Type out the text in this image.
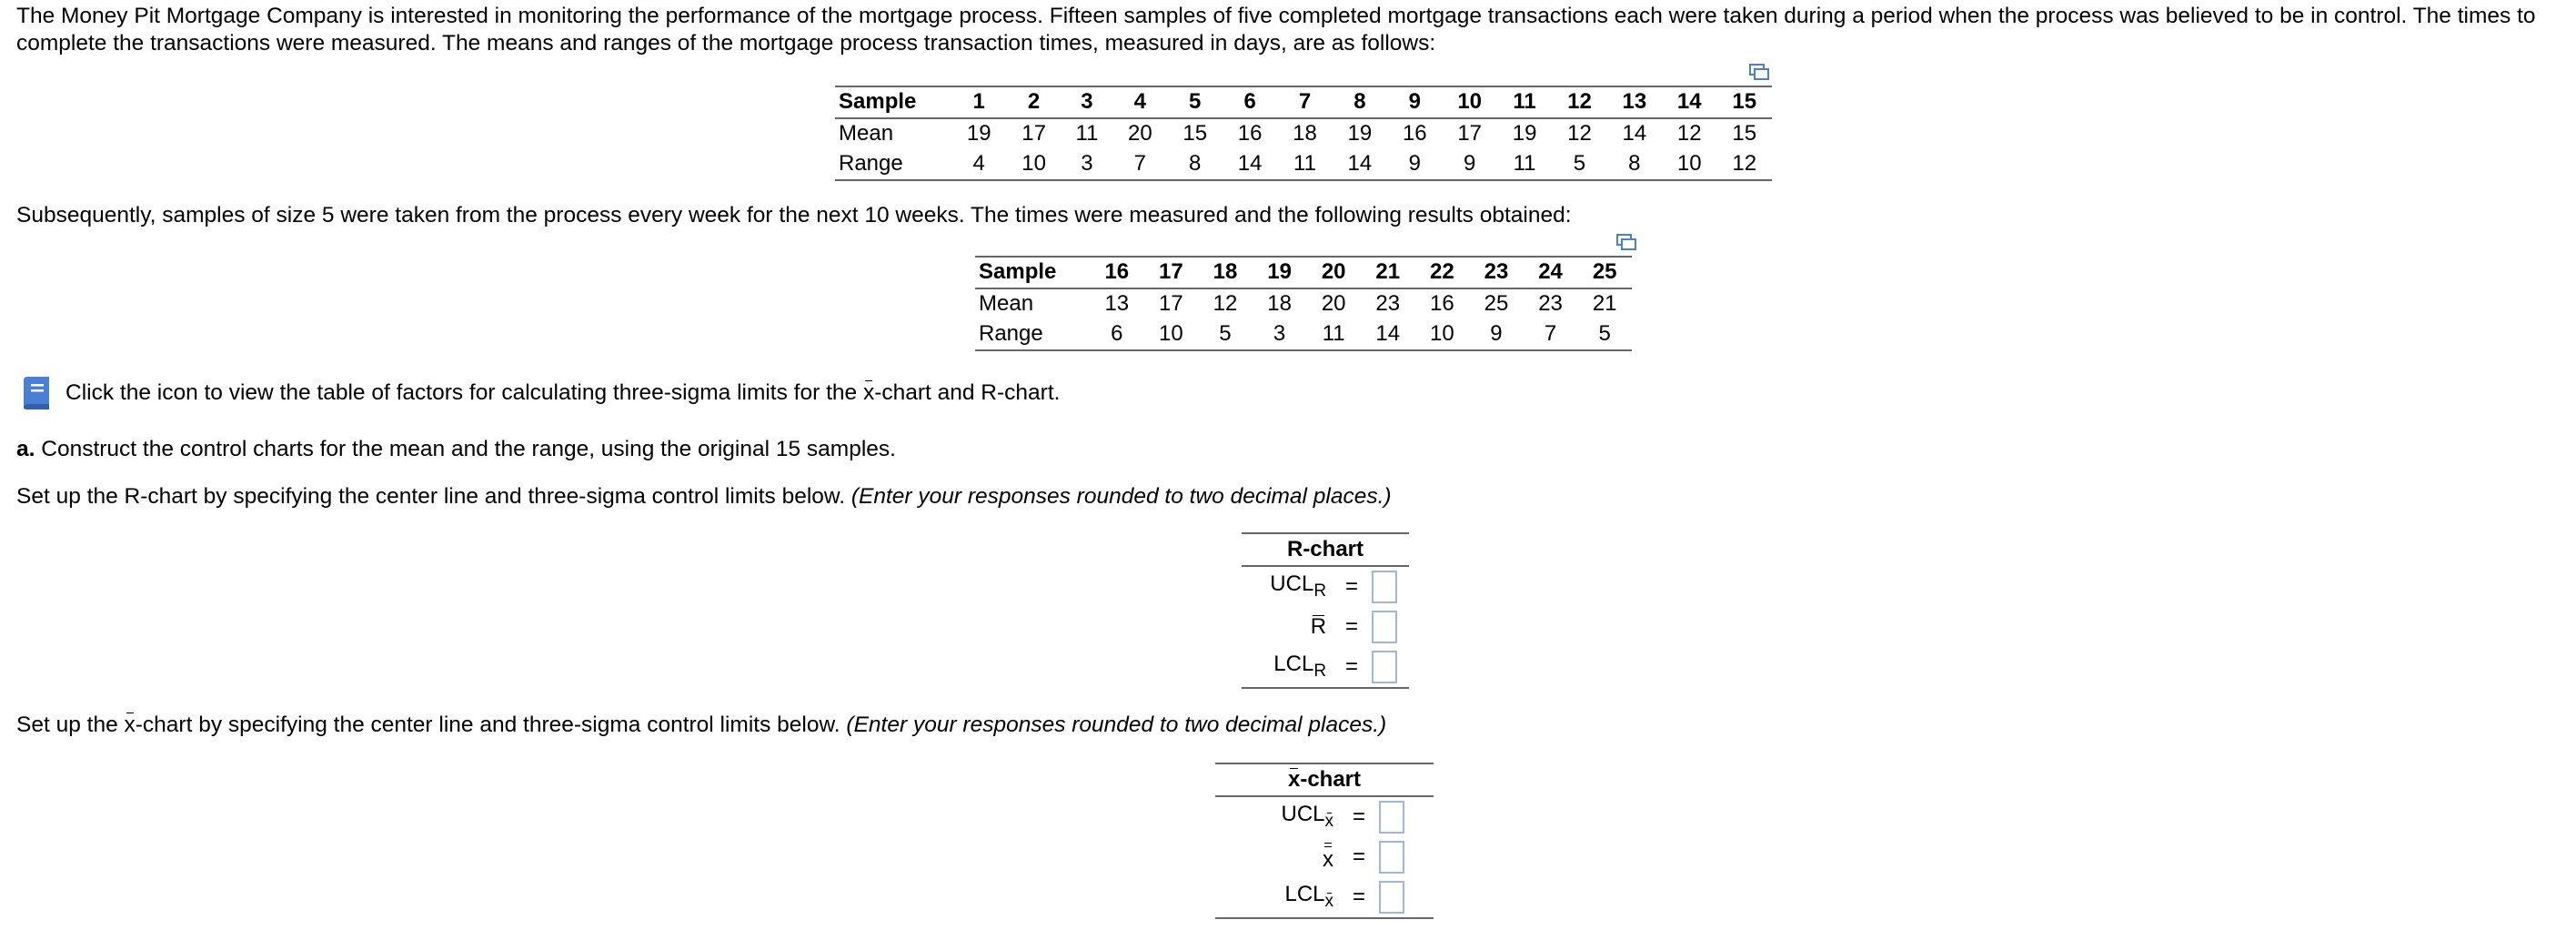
The Money Pit Mortgage Company is interested in monitoring the performance of the mortgage process. Fifteen samples of five completed mortgage transactions each were taken during a period when the process was believed to be in control. The times to complete the transactions were measured. The means and ranges of the mortgage process transaction times, measured in days, are as follows:

Sample	1	2	3	4	5	6	7	8	9	10	11	12	13	14	15
Mean	19	17	11	20	15	16	18	19	16	17	19	12	14	12	15
Range	4	10	3	7	8	14	11	14	9	9	11	5	8	10	12

Subsequently, samples of size 5 were taken from the process every week for the next 10 weeks. The times were measured and the following results obtained:

Sample	16	17	18	19	20	21	22	23	24	25
Mean	13	17	12	18	20	23	16	25	23	21
Range	6	10	5	3	11	14	10	9	7	5
Click the icon to view the table of factors for calculating three-sigma limits for the x-chart and R-chart.

a. Construct the control charts for the mean and the range, using the original 15 samples.

Set up the R-chart by specifying the center line and three-sigma control limits below. (Enter your responses rounded to two decimal places.)

R-chart		
$UCL_R$	=	
R	=	
$LCL_R$	=	

Set up the x-chart by specifying the center line and three-sigma control limits below. (Enter your responses rounded to two decimal places.)

x-chart		
$UCL_x$	=	
x	=	
$LCL_x$	=	
